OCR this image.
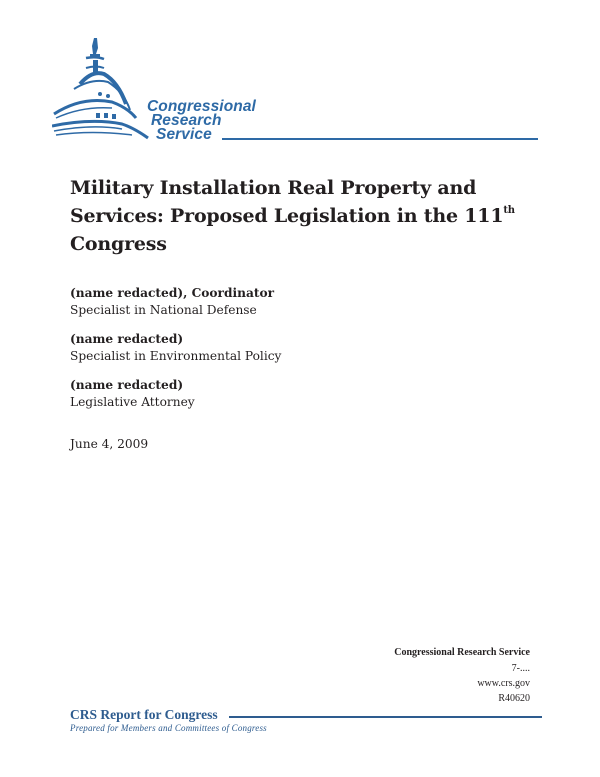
Congressional
Research
Service
Military Installation Real Property and Services: Proposed Legislation in the 111th Congress
(name redacted), Coordinator
Specialist in National Defense
(name redacted)
Specialist in Environmental Policy
(name redacted)
Legislative Attorney
June 4, 2009
Congressional Research Service
7-....
www.crs.gov
R40620
CRS Report for Congress
Prepared for Members and Committees of Congress
